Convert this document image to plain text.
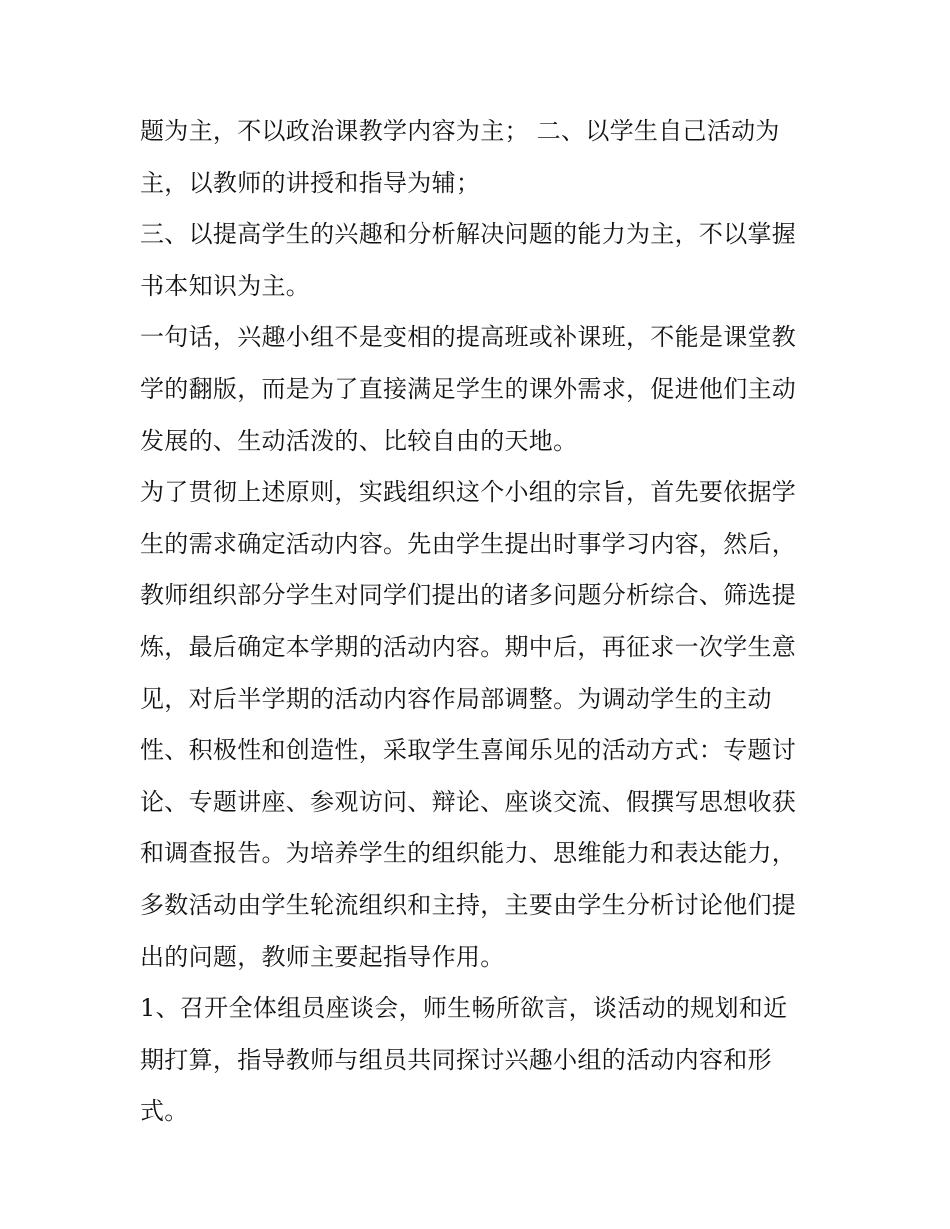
题为主，不以政治课教学内容为主； 二、以学生自己活动为
主，以教师的讲授和指导为辅；
三、以提高学生的兴趣和分析解决问题的能力为主，不以掌握
书本知识为主。
一句话，兴趣小组不是变相的提高班或补课班，不能是课堂教
学的翻版，而是为了直接满足学生的课外需求，促进他们主动
发展的、生动活泼的、比较自由的天地。
为了贯彻上述原则，实践组织这个小组的宗旨，首先要依据学
生的需求确定活动内容。先由学生提出时事学习内容，然后，
教师组织部分学生对同学们提出的诸多问题分析综合、筛选提
炼，最后确定本学期的活动内容。期中后，再征求一次学生意
见，对后半学期的活动内容作局部调整。为调动学生的主动
性、积极性和创造性，采取学生喜闻乐见的活动方式：专题讨
论、专题讲座、参观访问、辩论、座谈交流、假撰写思想收获
和调查报告。为培养学生的组织能力、思维能力和表达能力，
多数活动由学生轮流组织和主持，主要由学生分析讨论他们提
出的问题，教师主要起指导作用。
1、召开全体组员座谈会，师生畅所欲言，谈活动的规划和近
期打算，指导教师与组员共同探讨兴趣小组的活动内容和形
式。
